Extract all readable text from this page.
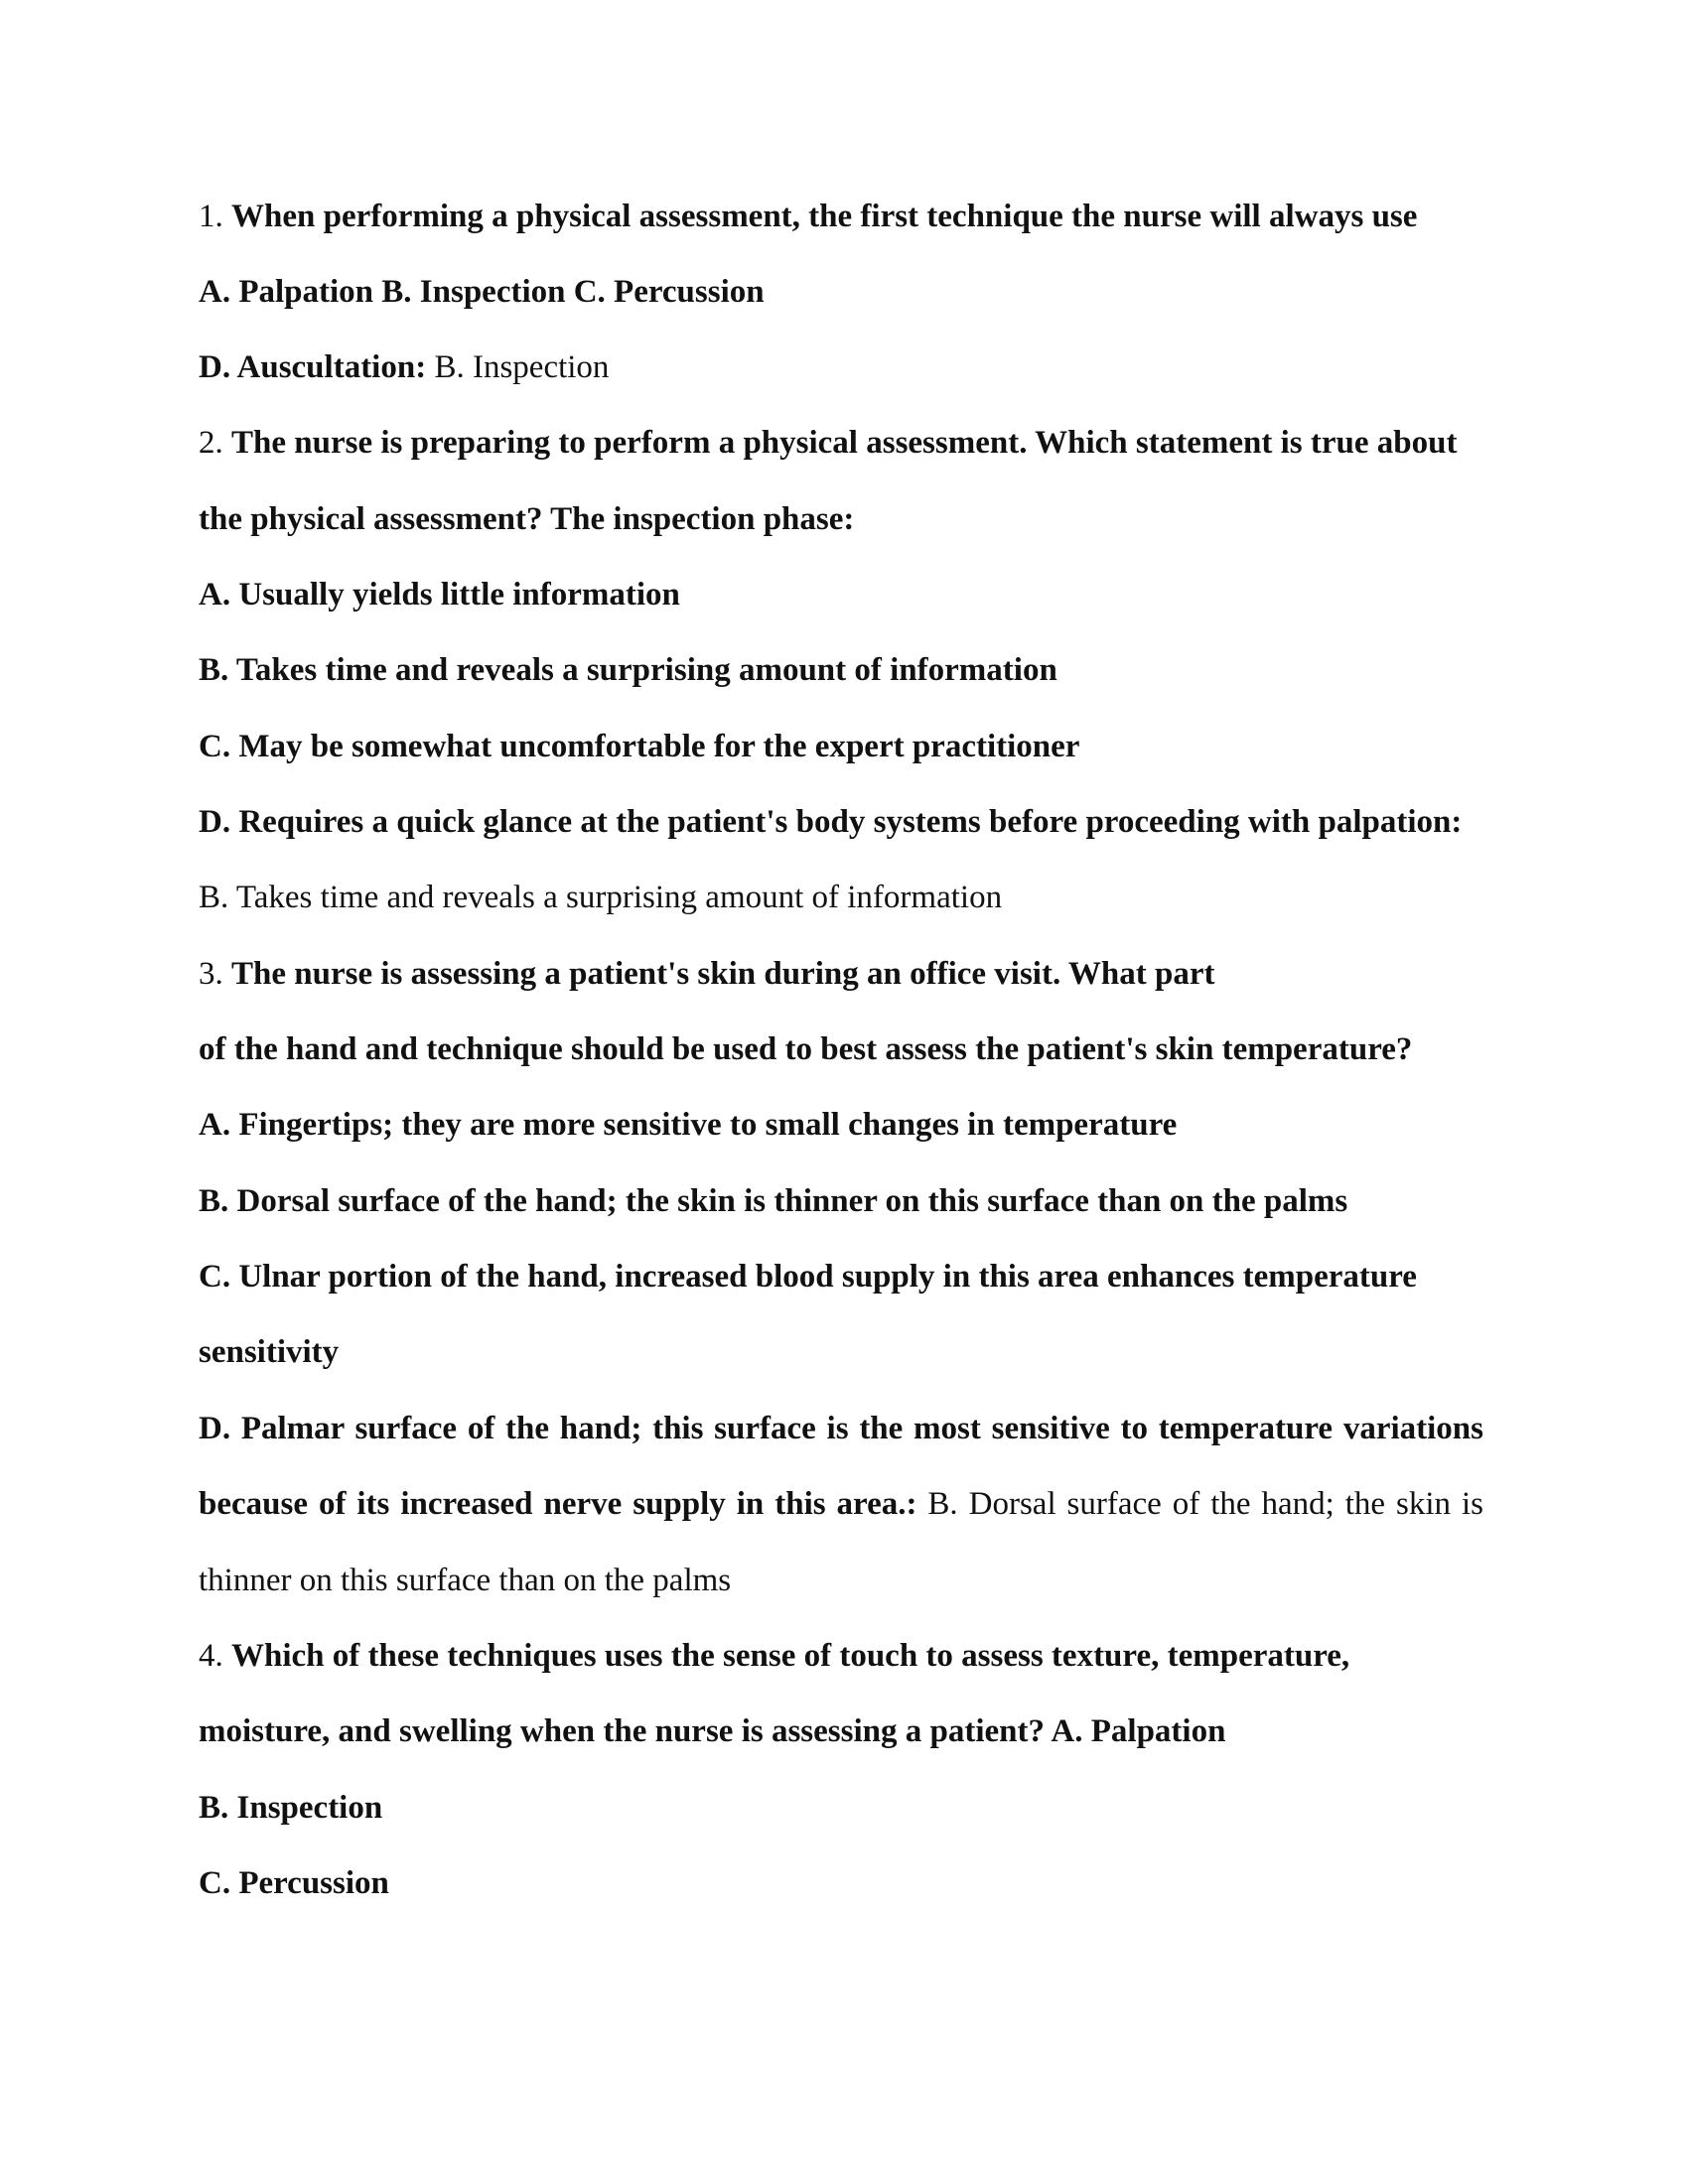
1. When performing a physical assessment, the first technique the nurse will always use
A. Palpation B. Inspection C. Percussion
D. Auscultation: B. Inspection
2. The nurse is preparing to perform a physical assessment. Which statement is true about
the physical assessment? The inspection phase:
A. Usually yields little information
B. Takes time and reveals a surprising amount of information
C. May be somewhat uncomfortable for the expert practitioner
D. Requires a quick glance at the patient's body systems before proceeding with palpation:
B. Takes time and reveals a surprising amount of information
3. The nurse is assessing a patient's skin during an office visit. What part
of the hand and technique should be used to best assess the patient's skin temperature?
A. Fingertips; they are more sensitive to small changes in temperature
B. Dorsal surface of the hand; the skin is thinner on this surface than on the palms
C. Ulnar portion of the hand, increased blood supply in this area enhances temperature
sensitivity
D. Palmar surface of the hand; this surface is the most sensitive to temperature variations
because of its increased nerve supply in this area.: B. Dorsal surface of the hand; the skin is
thinner on this surface than on the palms
4. Which of these techniques uses the sense of touch to assess texture, temperature,
moisture, and swelling when the nurse is assessing a patient? A. Palpation
B. Inspection
C. Percussion
